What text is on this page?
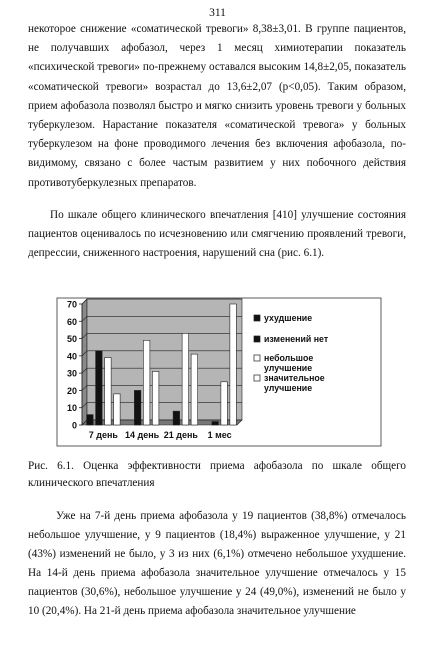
311

некоторое снижение «соматической тревоги» 8,38±3,01. В группе пациентов, не получавших афобазол, через 1 месяц химиотерапии показатель «психической тревоги» по-прежнему оставался высоким 14,8±2,05, показатель «соматической тревоги» возрастал до 13,6±2,07 (p<0,05). Таким образом, прием афобазола позволял быстро и мягко снизить уровень тревоги у больных туберкулезом. Нарастание показателя «соматической тревога» у больных туберкулезом на фоне проводимого лечения без включения афобазола, по-видимому, связано с более частым развитием у них побочного действия противотуберкулезных препаратов.

По шкале общего клинического впечатления [410] улучшение состояния пациентов оценивалось по исчезновению или смягчению проявлений тревоги, депрессии, сниженного настроения, нарушений сна (рис. 6.1).

0
10
20
30
40
50
60
70
7 день 14 день 21 день 1 мес
ухудшение
изменений нет
небольшое
улучшение
значительное
улучшение

Рис. 6.1. Оценка эффективности приема афобазола по шкале общего клинического впечатления

Уже на 7-й день приема афобазола у 19 пациентов (38,8%) отмечалось небольшое улучшение, у 9 пациентов (18,4%) выраженное улучшение, у 21 (43%) изменений не было, у 3 из них (6,1%) отмечено небольшое ухудшение. На 14-й день приема афобазола значительное улучшение отмечалось у 15 пациентов (30,6%), небольшое улучшение у 24 (49,0%), изменений не было у 10 (20,4%). На 21-й день приема афобазола значительное улучшение
